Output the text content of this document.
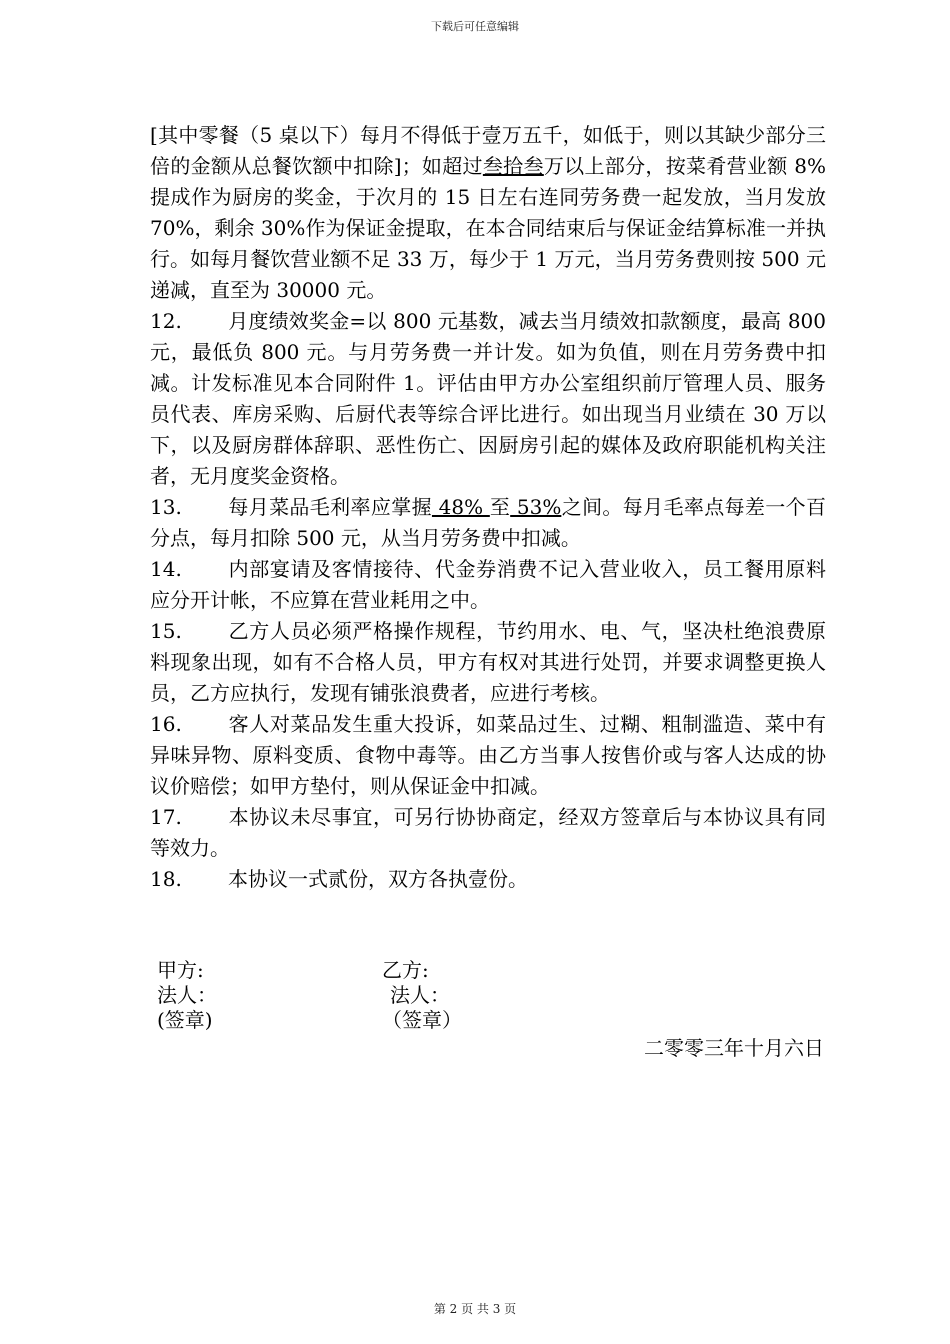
下载后可任意编辑

[其中零餐（5 桌以下）每月不得低于壹万五千，如低于，则以其缺少部分三倍的金额从总餐饮额中扣除]；如超过叁拾叁万以上部分，按菜肴营业额 8% 提成作为厨房的奖金，于次月的 15 日左右连同劳务费一起发放，当月发放 70%，剩余 30%作为保证金提取，在本合同结束后与保证金结算标准一并执行。如每月餐饮营业额不足 33 万，每少于 1 万元，当月劳务费则按 500 元递减，直至为 30000 元。

12. 月度绩效奖金=以 800 元基数，减去当月绩效扣款额度，最高 800 元，最低负 800 元。与月劳务费一并计发。如为负值，则在月劳务费中扣减。计发标准见本合同附件 1。评估由甲方办公室组织前厅管理人员、服务员代表、库房采购、后厨代表等综合评比进行。如出现当月业绩在 30 万以下，以及厨房群体辞职、恶性伤亡、因厨房引起的媒体及政府职能机构关注者，无月度奖金资格。
13. 每月菜品毛利率应掌握 48% 至 53%之间。每月毛率点每差一个百分点，每月扣除 500 元，从当月劳务费中扣减。
14. 内部宴请及客情接待、代金券消费不记入营业收入，员工餐用原料应分开计帐，不应算在营业耗用之中。
15. 乙方人员必须严格操作规程，节约用水、电、气，坚决杜绝浪费原料现象出现，如有不合格人员，甲方有权对其进行处罚，并要求调整更换人员，乙方应执行，发现有铺张浪费者，应进行考核。
16. 客人对菜品发生重大投诉，如菜品过生、过糊、粗制滥造、菜中有异味异物、原料变质、食物中毒等。由乙方当事人按售价或与客人达成的协议价赔偿；如甲方垫付，则从保证金中扣减。
17. 本协议未尽事宜，可另行协协商定，经双方签章后与本协议具有同等效力。
18. 本协议一式贰份，双方各执壹份。
甲方:
法人：
(签章)
乙方:
法人：
（签章）
二零零三年十月六日
第 2 页 共 3 页
